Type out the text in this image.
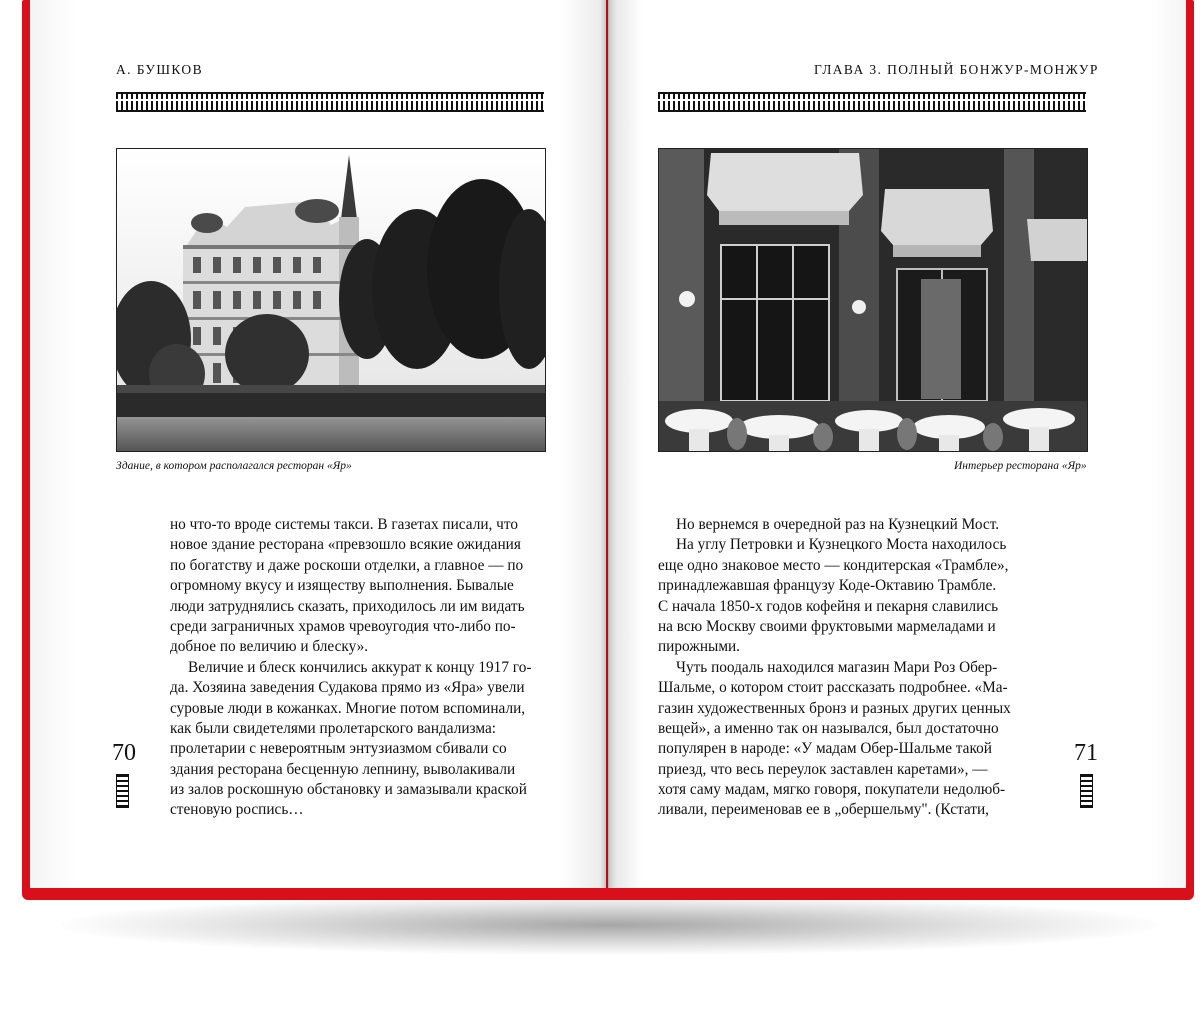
А. БУШКОВ
Здание, в котором располагался ресторан «Яр»
но что-то вроде системы такси. В газетах писали, что
новое здание ресторана «превзошло всякие ожидания
по богатству и даже роскоши отделки, а главное — по
огромному вкусу и изяществу выполнения. Бывалые
люди затруднялись сказать, приходилось ли им видать
среди заграничных храмов чревоугодия что-либо по-
добное по величию и блеску».
Величие и блеск кончились аккурат к концу 1917 го-
да. Хозяина заведения Судакова прямо из «Яра» увели
суровые люди в кожанках. Многие потом вспоминали,
как были свидетелями пролетарского вандализма:
пролетарии с невероятным энтузиазмом сбивали со
здания ресторана бесценную лепнину, выволакивали
из залов роскошную обстановку и замазывали краской
стеновую роспись…
70
ГЛАВА 3. ПОЛНЫЙ БОНЖУР-МОНЖУР
Интерьер ресторана «Яр»
Но вернемся в очередной раз на Кузнецкий Мост.
На углу Петровки и Кузнецкого Моста находилось
еще одно знаковое место — кондитерская «Трамбле»,
принадлежавшая французу Коде-Октавию Трамбле.
С начала 1850-х годов кофейня и пекарня славились
на всю Москву своими фруктовыми мармеладами и
пирожными.
Чуть поодаль находился магазин Мари Роз Обер-
Шальме, о котором стоит рассказать подробнее. «Ма-
газин художественных бронз и разных других ценных
вещей», а именно так он назывался, был достаточно
популярен в народе: «У мадам Обер-Шальме такой
приезд, что весь переулок заставлен каретами», —
хотя саму мадам, мягко говоря, покупатели недолюб-
ливали, переименовав ее в „обершельму". (Кстати,
71
